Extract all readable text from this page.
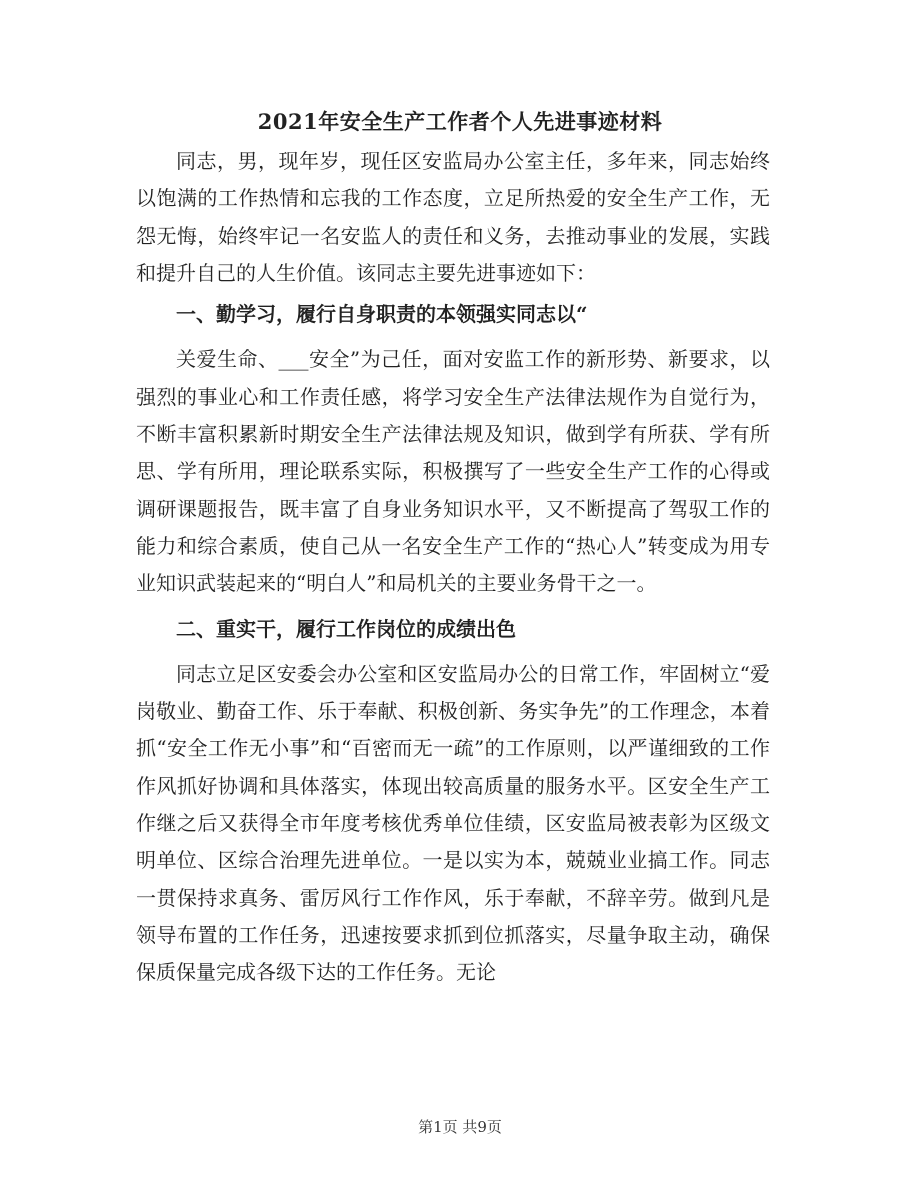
2021年安全生产工作者个人先进事迹材料

同志，男，现年岁，现任区安监局办公室主任，多年来，同志始终以饱满的工作热情和忘我的工作态度，立足所热爱的安全生产工作，无怨无悔，始终牢记一名安监人的责任和义务，去推动事业的发展，实践和提升自己的人生价值。该同志主要先进事迹如下：

一、勤学习，履行自身职责的本领强实同志以“

关爱生命、___安全”为己任，面对安监工作的新形势、新要求，以强烈的事业心和工作责任感，将学习安全生产法律法规作为自觉行为，不断丰富积累新时期安全生产法律法规及知识，做到学有所获、学有所思、学有所用，理论联系实际，积极撰写了一些安全生产工作的心得或调研课题报告，既丰富了自身业务知识水平，又不断提高了驾驭工作的能力和综合素质，使自己从一名安全生产工作的“热心人”转变成为用专业知识武装起来的“明白人”和局机关的主要业务骨干之一。

二、重实干，履行工作岗位的成绩出色

同志立足区安委会办公室和区安监局办公的日常工作，牢固树立“爱岗敬业、勤奋工作、乐于奉献、积极创新、务实争先”的工作理念，本着抓“安全工作无小事”和“百密而无一疏”的工作原则，以严谨细致的工作作风抓好协调和具体落实，体现出较高质量的服务水平。区安全生产工作继之后又获得全市年度考核优秀单位佳绩，区安监局被表彰为区级文明单位、区综合治理先进单位。一是以实为本，兢兢业业搞工作。同志一贯保持求真务、雷厉风行工作作风，乐于奉献，不辞辛劳。做到凡是领导布置的工作任务，迅速按要求抓到位抓落实，尽量争取主动，确保保质保量完成各级下达的工作任务。无论

第1页 共9页
